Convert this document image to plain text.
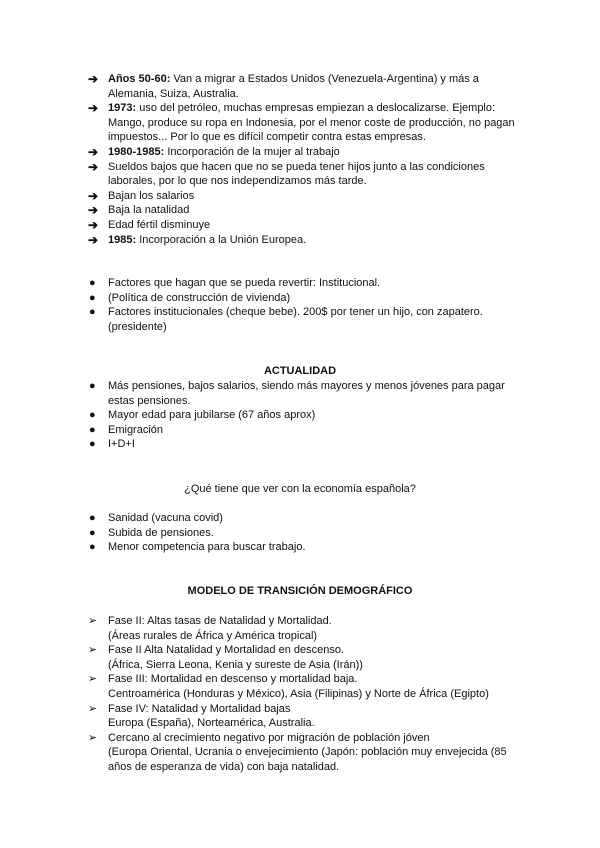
➔ Años 50-60: Van a migrar a Estados Unidos (Venezuela-Argentina) y más a Alemania, Suiza, Australia.
➔ 1973: uso del petróleo, muchas empresas empiezan a deslocalizarse. Ejemplo: Mango, produce su ropa en Indonesia, por el menor coste de producción, no pagan impuestos... Por lo que es difícil competir contra estas empresas.
➔ 1980-1985: Incorporación de la mujer al trabajo
➔ Sueldos bajos que hacen que no se pueda tener hijos junto a las condiciones laborales, por lo que nos independizamos más tarde.
➔ Bajan los salarios
➔ Baja la natalidad
➔ Edad fértil disminuye
➔ 1985: Incorporación a la Unión Europea.
●	Factores que hagan que se pueda revertir: Institucional.
●	(Política de construcción de vivienda)
●	Factores institucionales (cheque bebe). 200$ por tener un hijo, con zapatero.(presidente)
ACTUALIDAD
●	Más pensiones, bajos salarios, siendo más mayores y menos jóvenes para pagar estas pensiones.
●	Mayor edad para jubilarse (67 años aprox)
●	Emigración
●	I+D+I
¿Qué tiene que ver con la economía española?
●	Sanidad (vacuna covid)
●	Subida de pensiones.
●	Menor competencia para buscar trabajo.
MODELO DE TRANSICIÓN DEMOGRÁFICO
➢ Fase II: Altas tasas de Natalidad y Mortalidad.
(Áreas rurales de África y América tropical)
➢ Fase II Alta Natalidad y Mortalidad en descenso.
(África, Sierra Leona, Kenia y sureste de Asia (Irán))
➢ Fase III: Mortalidad en descenso y mortalidad baja.
Centroamérica (Honduras y México), Asia (Filipinas) y Norte de África (Egipto)
➢ Fase IV: Natalidad y Mortalidad bajas
Europa (España), Norteamérica, Australia.
➢ Cercano al crecimiento negativo por migración de población jóven
(Europa Oriental, Ucrania o envejecimiento (Japón: población muy envejecida (85 años de esperanza de vida) con baja natalidad.
